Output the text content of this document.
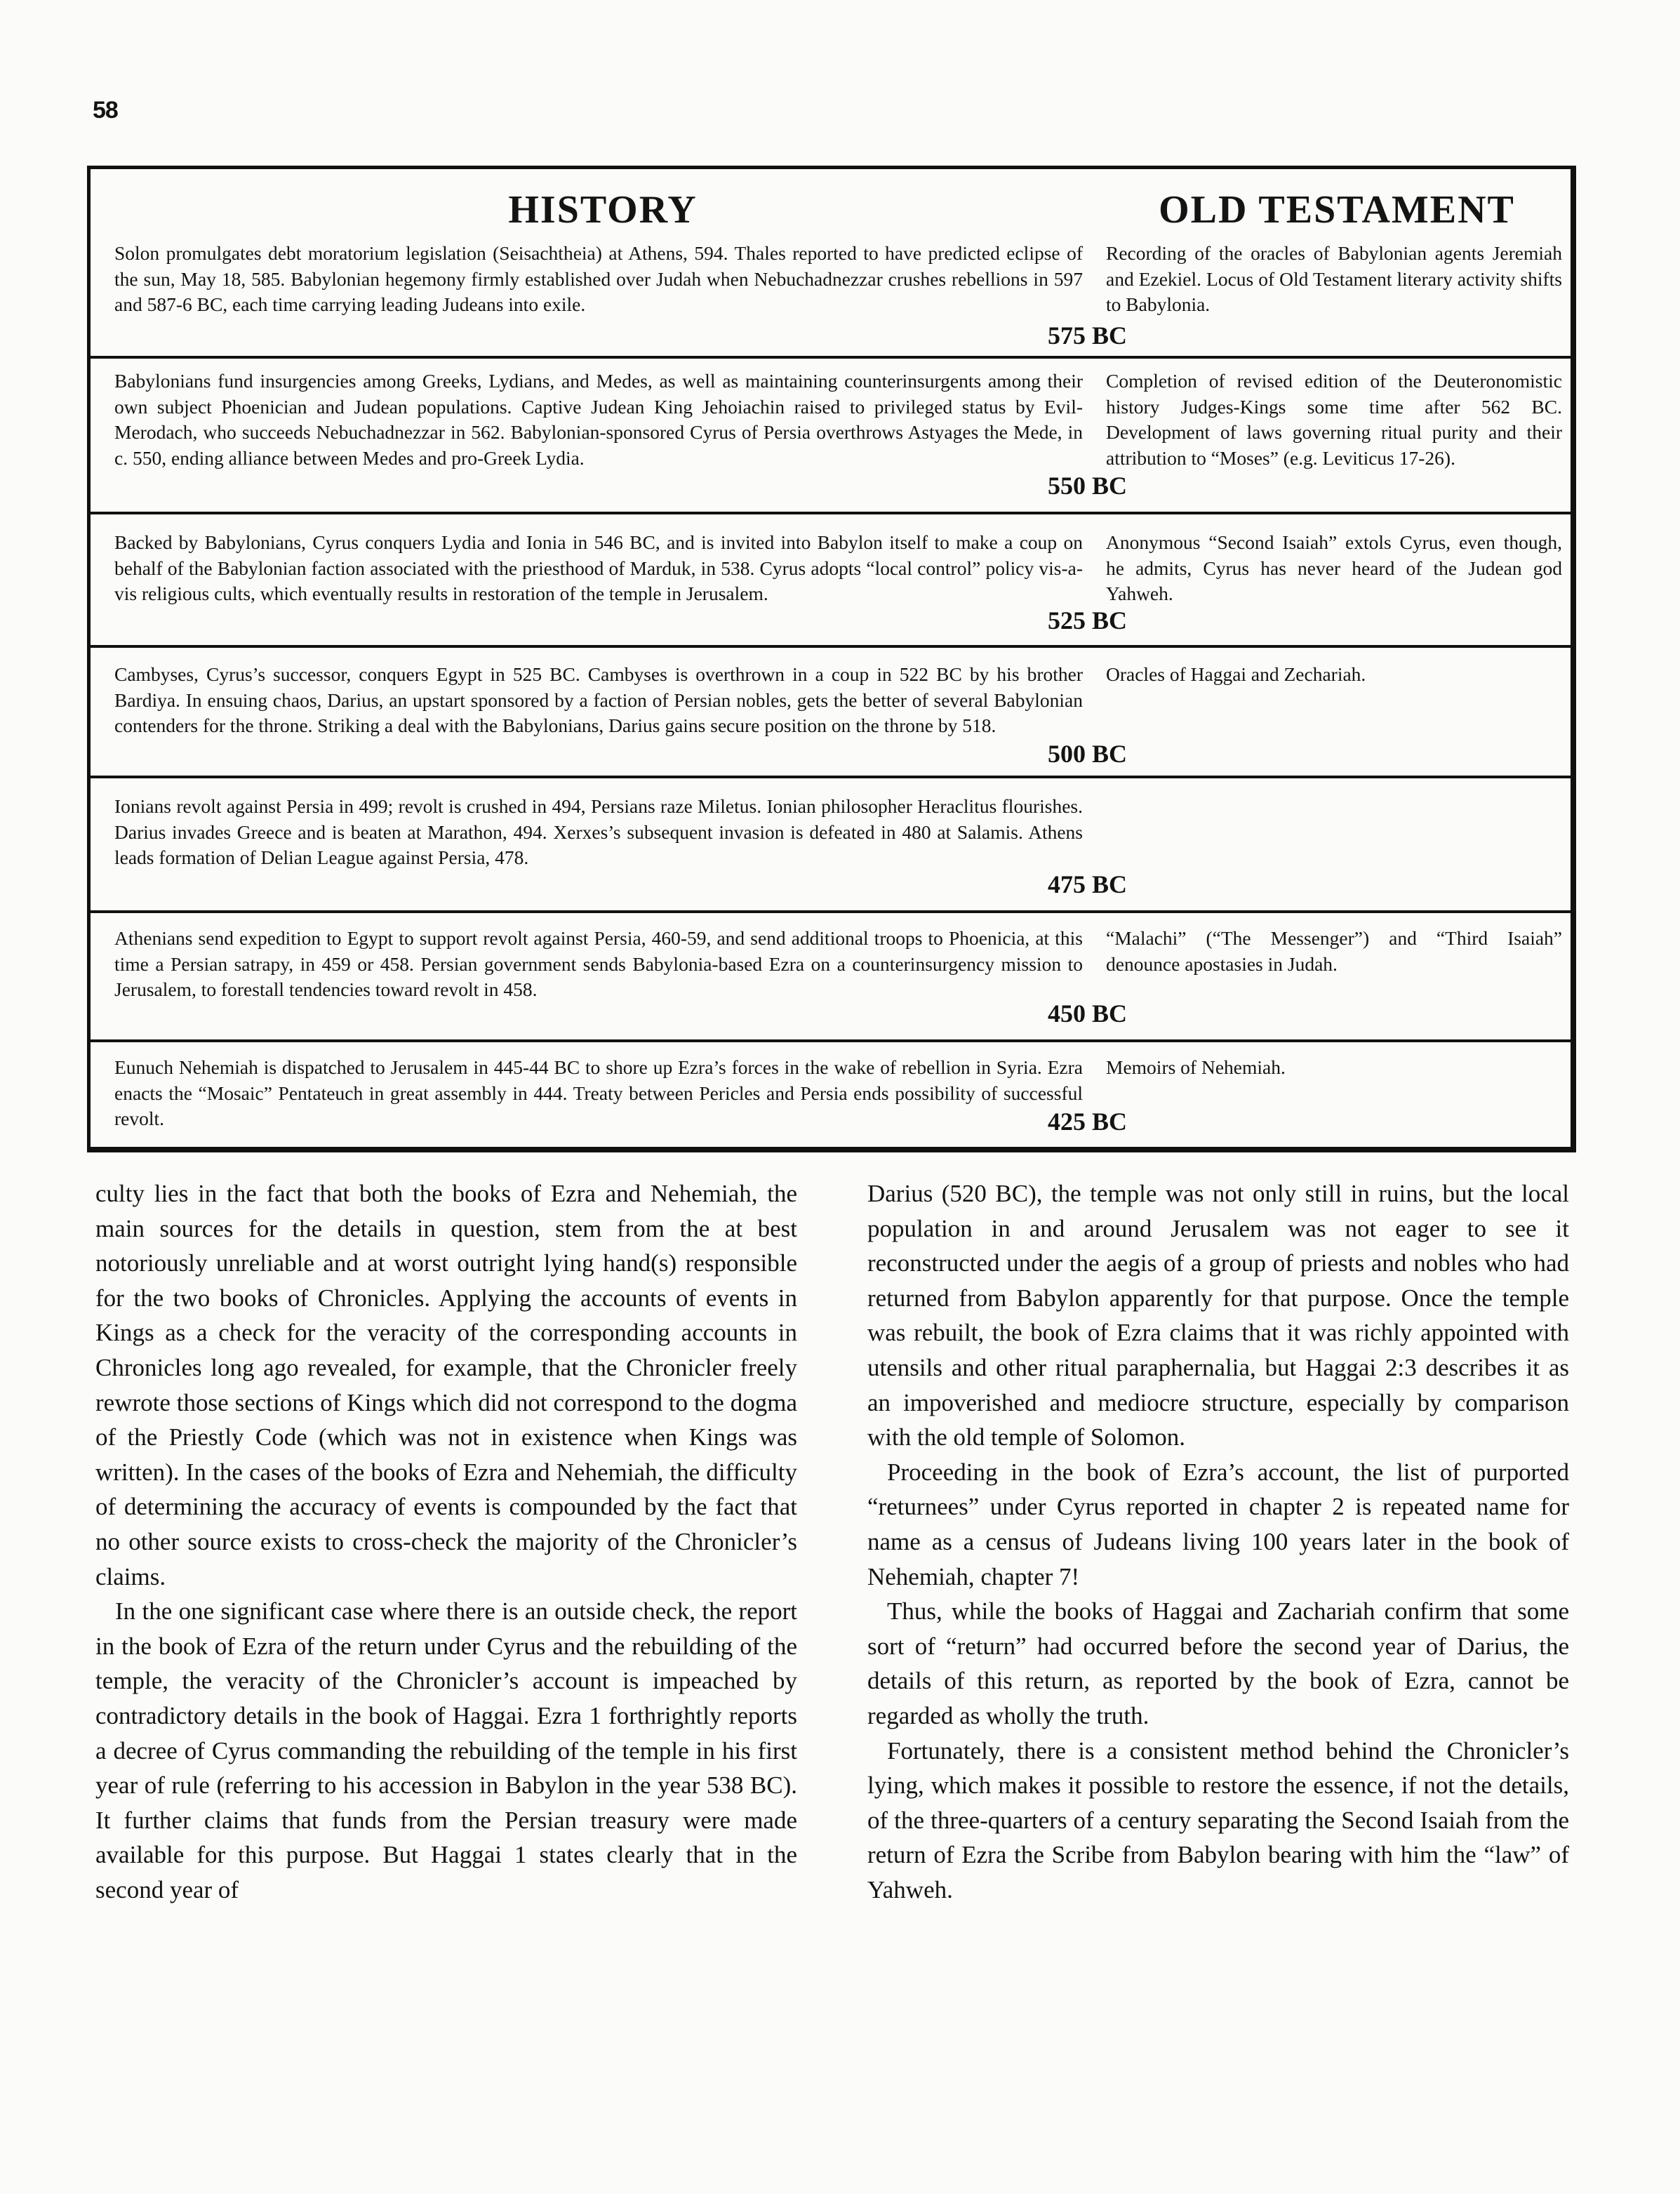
58
HISTORY	OLD TESTAMENT
Solon promulgates debt moratorium legislation (Seisachtheia) at Athens, 594. Thales reported to have predicted eclipse of the sun, May 18, 585. Babylonian hegemony firmly established over Judah when Nebuchadnezzar crushes rebellions in 597 and 587-6 BC, each time carrying leading Judeans into exile.
575 BC
Recording of the oracles of Babylonian agents Jeremiah and Ezekiel. Locus of Old Testament literary activity shifts to Babylonia.
Babylonians fund insurgencies among Greeks, Lydians, and Medes, as well as maintaining counterinsurgents among their own subject Phoenician and Judean populations. Captive Judean King Jehoiachin raised to privileged status by Evil-Merodach, who succeeds Nebuchadnezzar in 562. Babylonian-sponsored Cyrus of Persia overthrows Astyages the Mede, in c. 550, ending alliance between Medes and pro-Greek Lydia.
550 BC
Completion of revised edition of the Deuteronomistic history Judges-Kings some time after 562 BC. Development of laws governing ritual purity and their attribution to “Moses” (e.g. Leviticus 17-26).
Backed by Babylonians, Cyrus conquers Lydia and Ionia in 546 BC, and is invited into Babylon itself to make a coup on behalf of the Babylonian faction associated with the priesthood of Marduk, in 538. Cyrus adopts “local control” policy vis-a-vis religious cults, which eventually results in restoration of the temple in Jerusalem.
525 BC
Anonymous “Second Isaiah” extols Cyrus, even though, he admits, Cyrus has never heard of the Judean god Yahweh.
Cambyses, Cyrus’s successor, conquers Egypt in 525 BC. Cambyses is overthrown in a coup in 522 BC by his brother Bardiya. In ensuing chaos, Darius, an upstart sponsored by a faction of Persian nobles, gets the better of several Babylonian contenders for the throne. Striking a deal with the Babylonians, Darius gains secure position on the throne by 518.
500 BC
Oracles of Haggai and Zechariah.
Ionians revolt against Persia in 499; revolt is crushed in 494, Persians raze Miletus. Ionian philosopher Heraclitus flourishes. Darius invades Greece and is beaten at Marathon, 494. Xerxes’s subsequent invasion is defeated in 480 at Salamis. Athens leads formation of Delian League against Persia, 478.
475 BC
Athenians send expedition to Egypt to support revolt against Persia, 460-59, and send additional troops to Phoenicia, at this time a Persian satrapy, in 459 or 458. Persian government sends Babylonia-based Ezra on a counterinsurgency mission to Jerusalem, to forestall tendencies toward revolt in 458.
450 BC
“Malachi” (“The Messenger”) and “Third Isaiah” denounce apostasies in Judah.
Eunuch Nehemiah is dispatched to Jerusalem in 445-44 BC to shore up Ezra’s forces in the wake of rebellion in Syria. Ezra enacts the “Mosaic” Pentateuch in great assembly in 444. Treaty between Pericles and Persia ends possibility of successful revolt.	425 BC
Memoirs of Nehemiah.

culty lies in the fact that both the books of Ezra and Nehemiah, the main sources for the details in question, stem from the at best notoriously unreliable and at worst outright lying hand(s) responsible for the two books of Chronicles. Applying the accounts of events in Kings as a check for the veracity of the corresponding accounts in Chronicles long ago revealed, for example, that the Chronicler freely rewrote those sections of Kings which did not correspond to the dogma of the Priestly Code (which was not in existence when Kings was written). In the cases of the books of Ezra and Nehemiah, the difficulty of determining the accuracy of events is compounded by the fact that no other source exists to cross-check the majority of the Chronicler’s claims.

In the one significant case where there is an outside check, the report in the book of Ezra of the return under Cyrus and the rebuilding of the temple, the veracity of the Chronicler’s account is impeached by contradictory details in the book of Haggai. Ezra 1 forthrightly reports a decree of Cyrus commanding the rebuilding of the temple in his first year of rule (referring to his accession in Babylon in the year 538 BC). It further claims that funds from the Persian treasury were made available for this purpose. But Haggai 1 states clearly that in the second year of

Darius (520 BC), the temple was not only still in ruins, but the local population in and around Jerusalem was not eager to see it reconstructed under the aegis of a group of priests and nobles who had returned from Babylon apparently for that purpose. Once the temple was rebuilt, the book of Ezra claims that it was richly appointed with utensils and other ritual paraphernalia, but Haggai 2:3 describes it as an impoverished and mediocre structure, especially by comparison with the old temple of Solomon.

Proceeding in the book of Ezra’s account, the list of purported “returnees” under Cyrus reported in chapter 2 is repeated name for name as a census of Judeans living 100 years later in the book of Nehemiah, chapter 7!

Thus, while the books of Haggai and Zachariah confirm that some sort of “return” had occurred before the second year of Darius, the details of this return, as reported by the book of Ezra, cannot be regarded as wholly the truth.

Fortunately, there is a consistent method behind the Chronicler’s lying, which makes it possible to restore the essence, if not the details, of the three-quarters of a century separating the Second Isaiah from the return of Ezra the Scribe from Babylon bearing with him the “law” of Yahweh.
